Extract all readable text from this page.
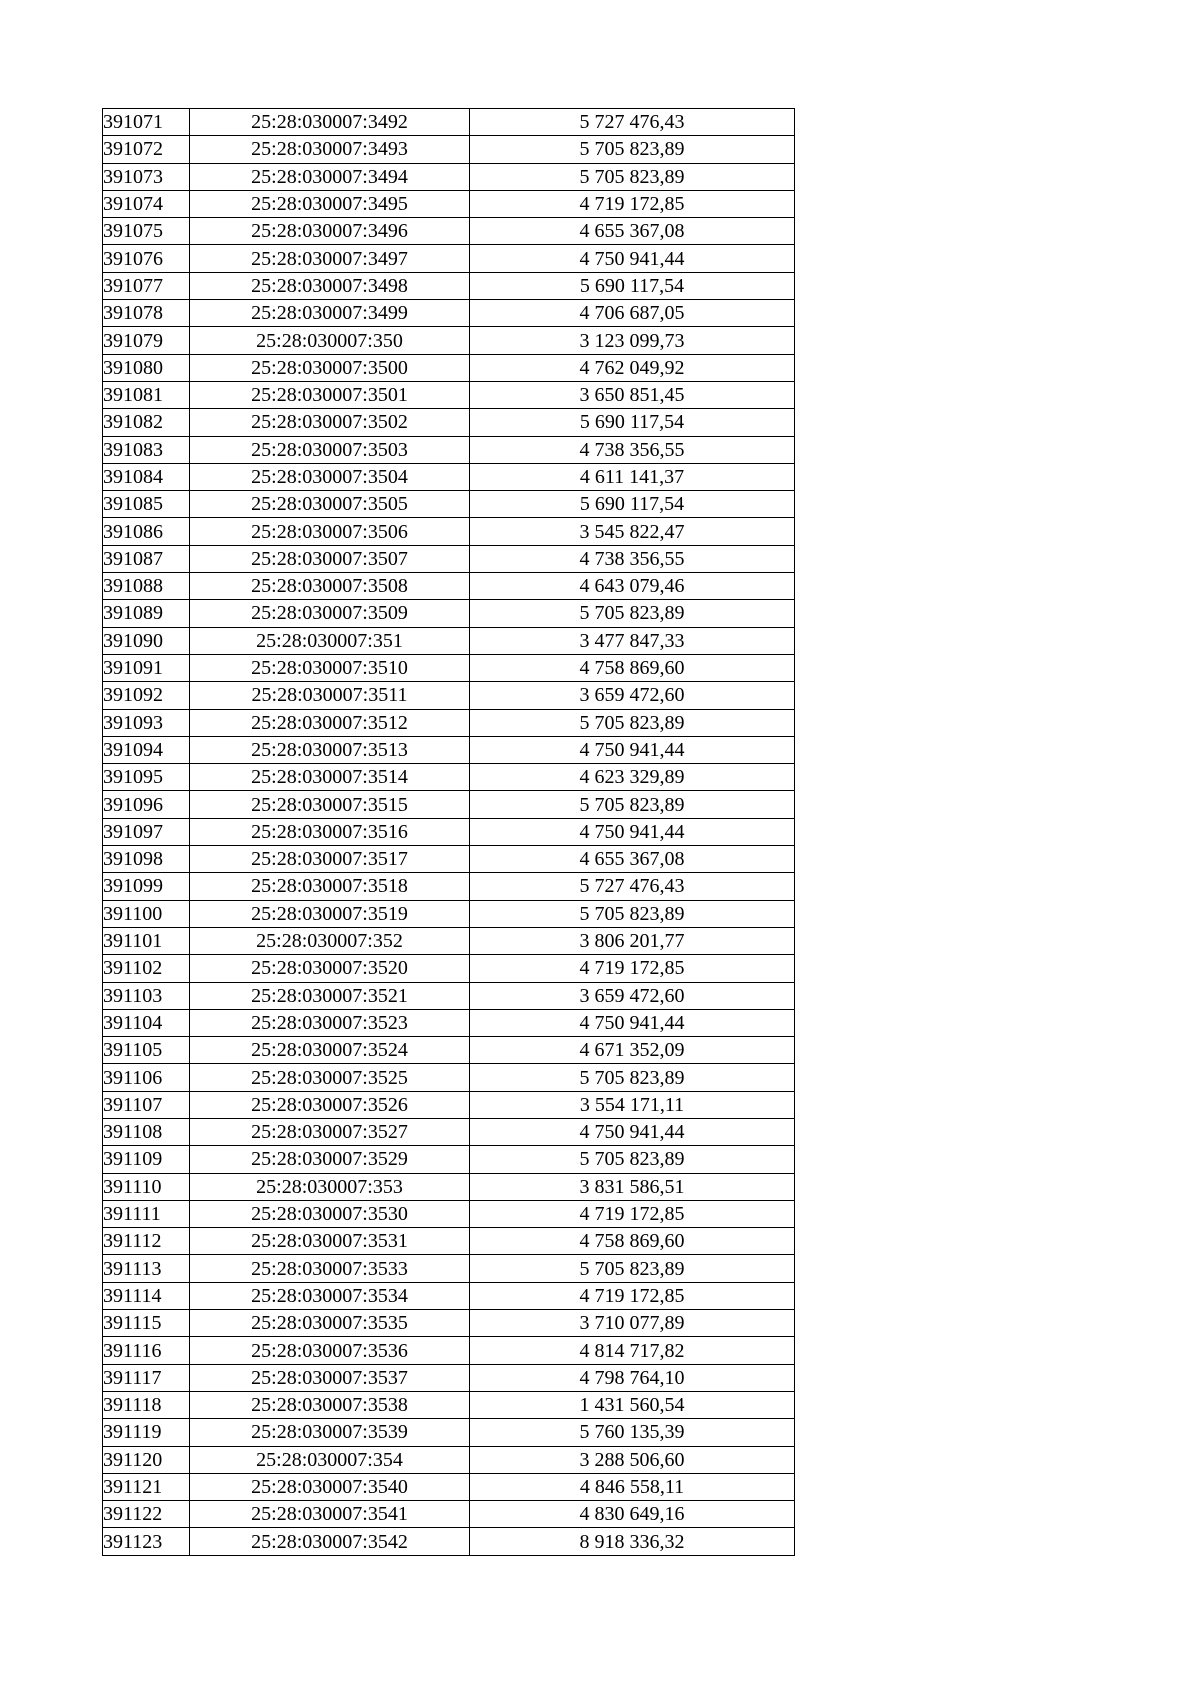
391071	25:28:030007:3492	5 727 476,43
391072	25:28:030007:3493	5 705 823,89
391073	25:28:030007:3494	5 705 823,89
391074	25:28:030007:3495	4 719 172,85
391075	25:28:030007:3496	4 655 367,08
391076	25:28:030007:3497	4 750 941,44
391077	25:28:030007:3498	5 690 117,54
391078	25:28:030007:3499	4 706 687,05
391079	25:28:030007:350	3 123 099,73
391080	25:28:030007:3500	4 762 049,92
391081	25:28:030007:3501	3 650 851,45
391082	25:28:030007:3502	5 690 117,54
391083	25:28:030007:3503	4 738 356,55
391084	25:28:030007:3504	4 611 141,37
391085	25:28:030007:3505	5 690 117,54
391086	25:28:030007:3506	3 545 822,47
391087	25:28:030007:3507	4 738 356,55
391088	25:28:030007:3508	4 643 079,46
391089	25:28:030007:3509	5 705 823,89
391090	25:28:030007:351	3 477 847,33
391091	25:28:030007:3510	4 758 869,60
391092	25:28:030007:3511	3 659 472,60
391093	25:28:030007:3512	5 705 823,89
391094	25:28:030007:3513	4 750 941,44
391095	25:28:030007:3514	4 623 329,89
391096	25:28:030007:3515	5 705 823,89
391097	25:28:030007:3516	4 750 941,44
391098	25:28:030007:3517	4 655 367,08
391099	25:28:030007:3518	5 727 476,43
391100	25:28:030007:3519	5 705 823,89
391101	25:28:030007:352	3 806 201,77
391102	25:28:030007:3520	4 719 172,85
391103	25:28:030007:3521	3 659 472,60
391104	25:28:030007:3523	4 750 941,44
391105	25:28:030007:3524	4 671 352,09
391106	25:28:030007:3525	5 705 823,89
391107	25:28:030007:3526	3 554 171,11
391108	25:28:030007:3527	4 750 941,44
391109	25:28:030007:3529	5 705 823,89
391110	25:28:030007:353	3 831 586,51
391111	25:28:030007:3530	4 719 172,85
391112	25:28:030007:3531	4 758 869,60
391113	25:28:030007:3533	5 705 823,89
391114	25:28:030007:3534	4 719 172,85
391115	25:28:030007:3535	3 710 077,89
391116	25:28:030007:3536	4 814 717,82
391117	25:28:030007:3537	4 798 764,10
391118	25:28:030007:3538	1 431 560,54
391119	25:28:030007:3539	5 760 135,39
391120	25:28:030007:354	3 288 506,60
391121	25:28:030007:3540	4 846 558,11
391122	25:28:030007:3541	4 830 649,16
391123	25:28:030007:3542	8 918 336,32
